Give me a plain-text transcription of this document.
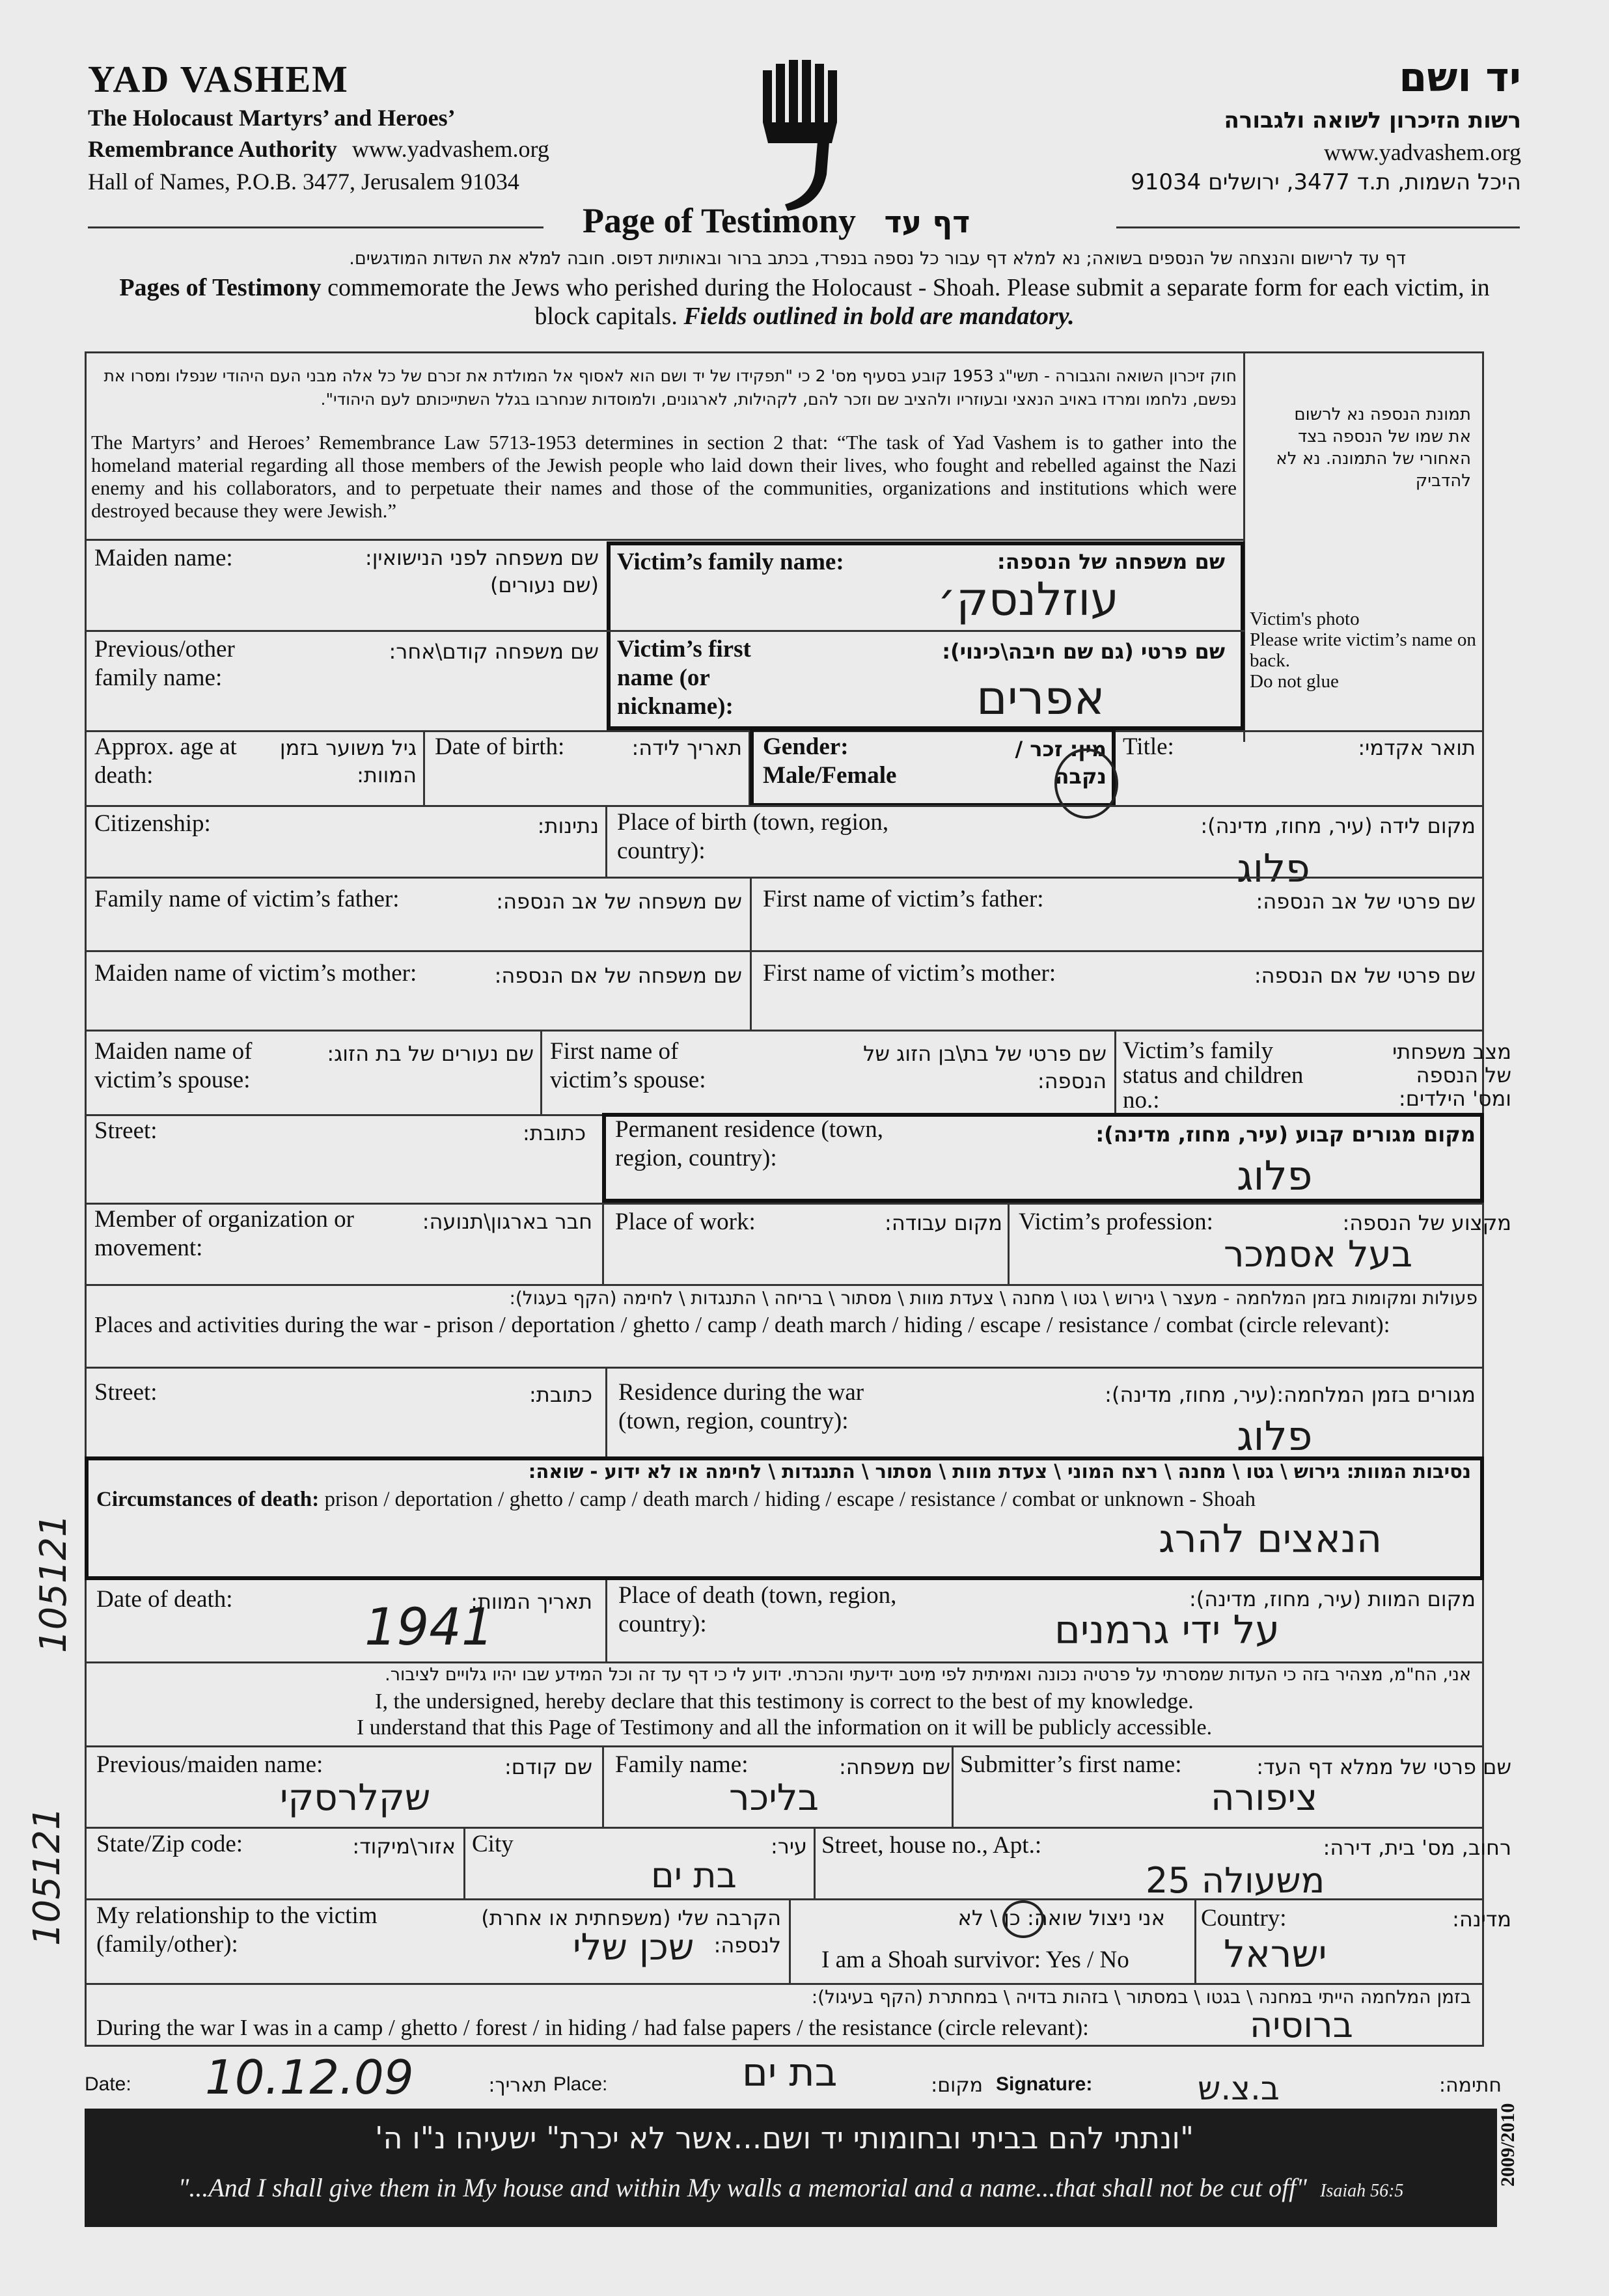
YAD VASHEM
The Holocaust Martyrs’ and Heroes’
Remembrance Authority www.yadvashem.org
Hall of Names, P.O.B. 3477, Jerusalem 91034
יד ושם
רשות הזיכרון לשואה ולגבורה
www.yadvashem.org
היכל השמות, ת.ד 3477, ירושלים 91034
Page of Testimony דף עד
דף עד לרישום והנצחה של הנספים בשואה; נא למלא דף עבור כל נספה בנפרד, בכתב ברור ובאותיות דפוס. חובה למלא את השדות המודגשים.
Pages of Testimony commemorate the Jews who perished during the Holocaust - Shoah. Please submit a separate form for each victim, in block capitals. Fields outlined in bold are mandatory.
חוק זיכרון השואה והגבורה - תשי"ג 1953 קובע בסעיף מס' 2 כי "תפקידו של יד ושם הוא לאסוף אל המולדת את זכרם של כל אלה מבני העם היהודי שנפלו ומסרו את נפשם, נלחמו ומרדו באויב הנאצי ובעוזריו ולהציב שם וזכר להם, לקהילות, לארגונים, ולמוסדות שנחרבו בגלל השתייכותם לעם היהודי".
The Martyrs’ and Heroes’ Remembrance Law 5713-1953 determines in section 2 that: “The task of Yad Vashem is to gather into the homeland material regarding all those members of the Jewish people who laid down their lives, who fought and rebelled against the Nazi enemy and his collaborators, and to perpetuate their names and those of the communities, organizations and institutions which were destroyed because they were Jewish.”
תמונת הנספה נא לרשום את שמו של הנספה בצד האחורי של התמונה. נא לא להדביק
Victim's photo
Please write victim’s name on back.
Do not glue
Maiden name:	שם משפחה לפני הנישואין: (שם נעורים)
Victim’s family name:	שם משפחה של הנספה:
עוזלנסק׳
Victim’s first name (or nickname):
שם פרטי (גם שם חיבה\כינוי):
אפרים
Previous/other family name:
שם משפחה קודם\אחר:
Approx. age at death:
גיל משוער בזמן המוות:
Date of birth:	תאריך לידה: Gender: Male/Female
מין: זכר / נקבה
Title:	תואר אקדמי:
Citizenship:	נתינות: Place of birth (town, region, country):
מקום לידה (עיר, מחוז, מדינה):
פלוג
Family name of victim’s father:	שם משפחה של אב הנספה: First name of victim’s father:	שם פרטי של אב הנספה:
Maiden name of victim’s mother:	שם משפחה של אם הנספה: First name of victim’s mother:	שם פרטי של אם הנספה:
Maiden name of victim’s spouse:
שם נעורים של בת הזוג: First name of victim’s spouse:
שם פרטי של בת\בן הזוג של הנספה:
Victim’s family status and children no.:
מצב משפחתי של הנספה ומס' הילדים:
Street:	כתובת: Permanent residence (town, region, country):
מקום מגורים קבוע (עיר, מחוז, מדינה):
פלוג
Member of organization or movement:
חבר בארגון\תנועה: Place of work:	מקום עבודה: Victim’s profession:	מקצוע של הנספה:
בעל אסמכר
פעולות ומקומות בזמן המלחמה - מעצר \ גירוש \ גטו \ מחנה \ צעדת מוות \ מסתור \ בריחה \ התנגדות \ לחימה (הקף בעגול):
Places and activities during the war - prison / deportation / ghetto / camp / death march / hiding / escape / resistance / combat (circle relevant):
Street:	כתובת: Residence during the war (town, region, country):
מגורים בזמן המלחמה:(עיר, מחוז, מדינה):
פלוג
נסיבות המוות: גירוש \ גטו \ מחנה \ רצח המוני \ צעדת מוות \ מסתור \ התנגדות \ לחימה או לא ידוע - שואה:
Circumstances of death: prison / deportation / ghetto / camp / death march / hiding / escape / resistance / combat or unknown - Shoah
הנאצים להרג
Date of death:	תאריך המוות:
1941
Place of death (town, region, country):
מקום המוות (עיר, מחוז, מדינה):
על ידי גרמנים
אני, הח"מ, מצהיר בזה כי העדות שמסרתי על פרטיה נכונה ואמיתית לפי מיטב ידיעתי והכרתי. ידוע לי כי דף עד זה וכל המידע שבו יהיו גלויים לציבור.
I, the undersigned, hereby declare that this testimony is correct to the best of my knowledge.
I understand that this Page of Testimony and all the information on it will be publicly accessible.
Previous/maiden name:	שם קודם:
שקלרסקי
Family name:	שם משפחה:
בליכר
Submitter’s first name:	שם פרטי של ממלא דף העד:
ציפורה
State/Zip code:	אזור\מיקוד: City	עיר:
בת ים
Street, house no., Apt.:	רחוב, מס' בית, דירה:
משעולה 25
My relationship to the victim (family/other):
הקרבה שלי (משפחתית או אחרת) לנספה:
שכן שלי
אני ניצול שואה: כן \ לא
I am a Shoah survivor: Yes / No
Country:	מדינה:
ישראל
בזמן המלחמה הייתי במחנה \ בגטו \ במסתור \ בזהות בדויה \ במחתרת (הקף בעיגול):
During the war I was in a camp / ghetto / forest / in hiding / had false papers / the resistance (circle relevant):	ברוסיה
Date: 10.12.09	תאריך: Place:	בת ים	מקום: Signature:	ב.צ.ש	חתימה:
"ונתתי להם בביתי ובחומותי יד ושם...אשר לא יכרת" ישעיהו נ"ו ה'
"...And I shall give them in My house and within My walls a memorial and a name...that shall not be cut off" Isaiah 56:5
2009/2010
105121
105121
